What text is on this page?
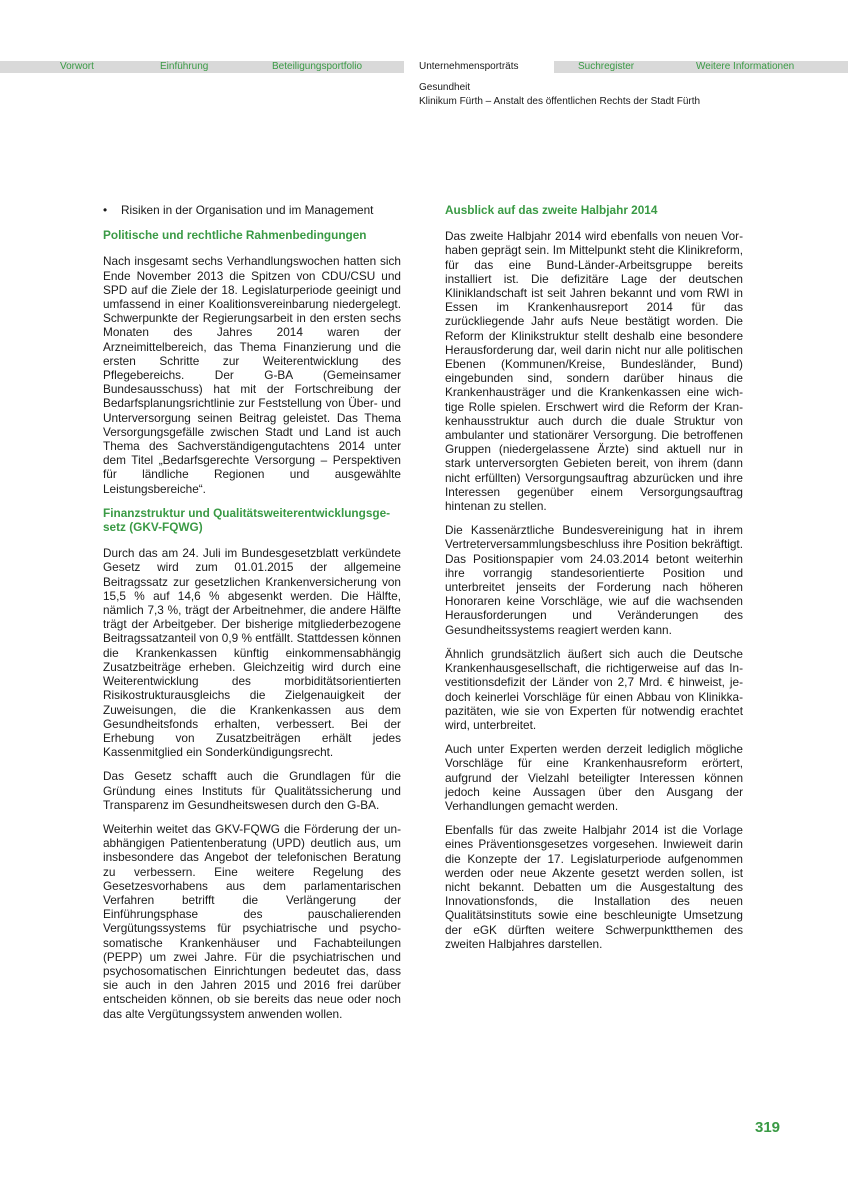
Vorwort	Einführung	Beteiligungsportfolio	Unternehmensporträts	Suchregister	Weitere Informationen
Gesundheit
Klinikum Fürth – Anstalt des öffentlichen Rechts der Stadt Fürth
•	Risiken in der Organisation und im Management
Politische und rechtliche Rahmenbedingungen

Nach insgesamt sechs Verhandlungswochen hatten sich Ende November 2013 die Spitzen von CDU/CSU und SPD auf die Ziele der 18. Legislaturperiode geeinigt und umfassend in einer Koalitionsvereinbarung niedergelegt. Schwerpunkte der Regierungsarbeit in den ersten sechs Monaten des Jahres 2014 waren der Arzneimittelbereich, das Thema Finanzierung und die ersten Schritte zur Weiterentwicklung des Pflegebereichs. Der G-BA (Gemeinsamer Bundesausschuss) hat mit der Fortschreibung der Bedarfsplanungsrichtlinie zur Feststellung von Über- und Unterversorgung seinen Beitrag geleistet. Das Thema Versorgungsgefälle zwischen Stadt und Land ist auch Thema des Sachverständigengutachtens 2014 unter dem Titel „Bedarfsgerechte Versorgung – Perspektiven für ländliche Regionen und ausgewählte Leistungsbereiche“.

Finanzstruktur und Qualitätsweiterentwicklungsgesetz (GKV-FQWG)

Durch das am 24. Juli im Bundesgesetzblatt verkündete Gesetz wird zum 01.01.2015 der allgemeine Beitragssatz zur gesetzlichen Krankenversicherung von 15,5 % auf 14,6 % abgesenkt werden. Die Hälfte, nämlich 7,3 %, trägt der Arbeitnehmer, die andere Hälfte trägt der Arbeitgeber. Der bisherige mitgliederbezogene Beitragssatzanteil von 0,9 % entfällt. Stattdessen können die Krankenkassen künftig einkommensabhängig Zusatzbeiträge erheben. Gleichzeitig wird durch eine Weiterentwicklung des morbiditätsorientierten Risikostrukturausgleichs die Zielgenauigkeit der Zuweisungen, die die Krankenkassen aus dem Gesundheitsfonds erhalten, verbessert. Bei der Erhebung von Zusatzbeiträgen erhält jedes Kassenmitglied ein Sonderkündigungsrecht.

Das Gesetz schafft auch die Grundlagen für die Gründung eines Instituts für Qualitätssicherung und Transparenz im Gesundheitswesen durch den G-BA.

Weiterhin weitet das GKV-FQWG die Förderung der unabhängigen Patientenberatung (UPD) deutlich aus, um insbesondere das Angebot der telefonischen Beratung zu verbessern. Eine weitere Regelung des Gesetzesvorhabens aus dem parlamentarischen Verfahren betrifft die Verlängerung der Einführungsphase des pauschalierenden Vergütungssystems für psychiatrische und psychosomatische Krankenhäuser und Fachabteilungen (PEPP) um zwei Jahre. Für die psychiatrischen und psychosomatischen Einrichtungen bedeutet das, dass sie auch in den Jahren 2015 und 2016 frei darüber entscheiden können, ob sie bereits das neue oder noch das alte Vergütungssystem anwenden wollen.

Ausblick auf das zweite Halbjahr 2014

Das zweite Halbjahr 2014 wird ebenfalls von neuen Vorhaben geprägt sein. Im Mittelpunkt steht die Klinikreform, für das eine Bund-Länder-Arbeitsgruppe bereits installiert ist. Die defizitäre Lage der deutschen Kliniklandschaft ist seit Jahren bekannt und vom RWI in Essen im Krankenhausreport 2014 für das zurückliegende Jahr aufs Neue bestätigt worden. Die Reform der Klinikstruktur stellt deshalb eine besondere Herausforderung dar, weil darin nicht nur alle politischen Ebenen (Kommunen/Kreise, Bundesländer, Bund) eingebunden sind, sondern darüber hinaus die Krankenhausträger und die Krankenkassen eine wichtige Rolle spielen. Erschwert wird die Reform der Krankenhausstruktur auch durch die duale Struktur von ambulanter und stationärer Versorgung. Die betroffenen Gruppen (niedergelassene Ärzte) sind aktuell nur in stark unterversorgten Gebieten bereit, von ihrem (dann nicht erfüllten) Versorgungsauftrag abzurücken und ihre Interessen gegenüber einem Versorgungsauftrag hintenan zu stellen.

Die Kassenärztliche Bundesvereinigung hat in ihrem Vertreterversammlungsbeschluss ihre Position bekräftigt. Das Positionspapier vom 24.03.2014 betont weiterhin ihre vorrangig standesorientierte Position und unterbreitet jenseits der Forderung nach höheren Honoraren keine Vorschläge, wie auf die wachsenden Herausforderungen und Veränderungen des Gesundheitssystems reagiert werden kann.

Ähnlich grundsätzlich äußert sich auch die Deutsche Krankenhausgesellschaft, die richtigerweise auf das Investitionsdefizit der Länder von 2,7 Mrd. € hinweist, jedoch keinerlei Vorschläge für einen Abbau von Klinikkapazitäten, wie sie von Experten für notwendig erachtet wird, unterbreitet.

Auch unter Experten werden derzeit lediglich mögliche Vorschläge für eine Krankenhausreform erörtert, aufgrund der Vielzahl beteiligter Interessen können jedoch keine Aussagen über den Ausgang der Verhandlungen gemacht werden.

Ebenfalls für das zweite Halbjahr 2014 ist die Vorlage eines Präventionsgesetzes vorgesehen. Inwieweit darin die Konzepte der 17. Legislaturperiode aufgenommen werden oder neue Akzente gesetzt werden sollen, ist nicht bekannt. Debatten um die Ausgestaltung des Innovationsfonds, die Installation des neuen Qualitätsinstituts sowie eine beschleunigte Umsetzung der eGK dürften weitere Schwerpunktthemen des zweiten Halbjahres darstellen.

319
